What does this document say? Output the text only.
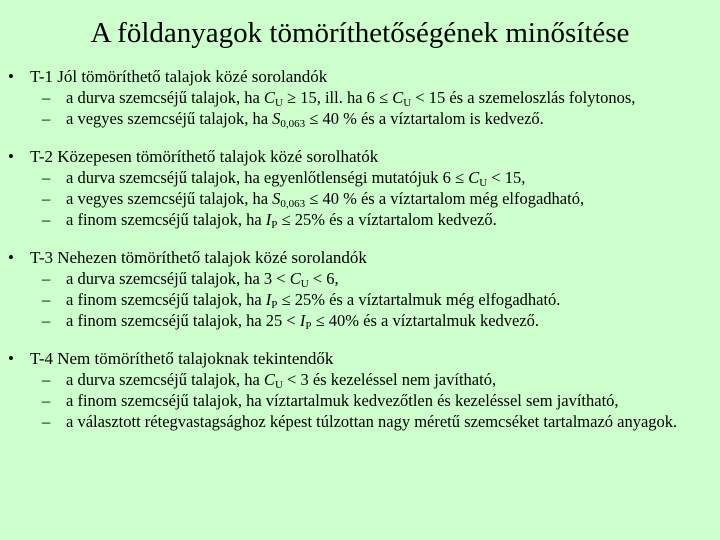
A földanyagok tömöríthetőségének minősítése
• T-1 Jól tömöríthető talajok közé sorolandók
– a durva szemcséjű talajok, ha $C_U \ge 15$, ill. ha $6 \le C_U < 15$ és a szemeloszlás folytonos,
– a vegyes szemcséjű talajok, ha $S_{0,063} \le 40$ % és a víztartalom is kedvező.
• T-2 Közepesen tömöríthető talajok közé sorolhatók
– a durva szemcséjű talajok, ha egyenlőtlenségi mutatójuk $6 \le C_U < 15$,
– a vegyes szemcséjű talajok, ha $S_{0,063} \le 40$ % és a víztartalom még elfogadható,
– a finom szemcséjű talajok, ha $I_P \le 25\%$ és a víztartalom kedvező.
• T-3 Nehezen tömöríthető talajok közé sorolandók
– a durva szemcséjű talajok, ha $3 < C_U < 6$,
– a finom szemcséjű talajok, ha $I_P \le 25\%$ és a víztartalmuk még elfogadható.
– a finom szemcséjű talajok, ha $25 < I_P \le 40\%$ és a víztartalmuk kedvező.
• T-4 Nem tömöríthető talajoknak tekintendők
– a durva szemcséjű talajok, ha $C_U < 3$ és kezeléssel nem javítható,
– a finom szemcséjű talajok, ha víztartalmuk kedvezőtlen és kezeléssel sem javítható,
– a választott rétegvastagsághoz képest túlzottan nagy méretű szemcséket tartalmazó anyagok.
